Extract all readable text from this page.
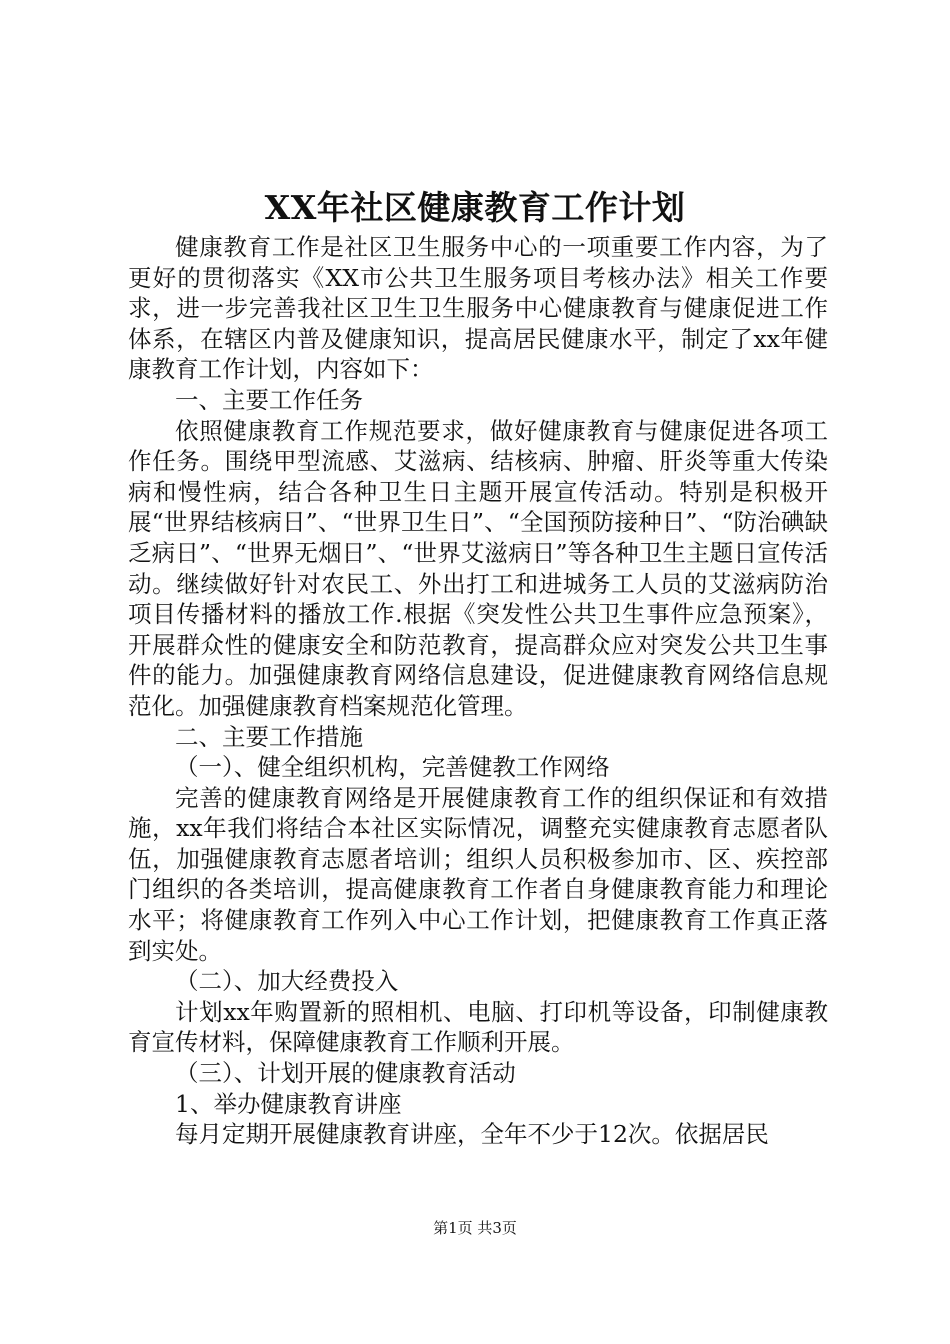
XX年社区健康教育工作计划

健康教育工作是社区卫生服务中心的一项重要工作内容，为了更好的贯彻落实《XX市公共卫生服务项目考核办法》相关工作要求，进一步完善我社区卫生卫生服务中心健康教育与健康促进工作体系，在辖区内普及健康知识，提高居民健康水平，制定了xx年健康教育工作计划，内容如下：

一、主要工作任务

依照健康教育工作规范要求，做好健康教育与健康促进各项工作任务。围绕甲型流感、艾滋病、结核病、肿瘤、肝炎等重大传染病和慢性病，结合各种卫生日主题开展宣传活动。特别是积极开展“世界结核病日”、“世界卫生日”、“全国预防接种日”、“防治碘缺乏病日”、“世界无烟日”、“世界艾滋病日”等各种卫生主题日宣传活动。继续做好针对农民工、外出打工和进城务工人员的艾滋病防治项目传播材料的播放工作.根据《突发性公共卫生事件应急预案》，开展群众性的健康安全和防范教育，提高群众应对突发公共卫生事件的能力。加强健康教育网络信息建设，促进健康教育网络信息规范化。加强健康教育档案规范化管理。

二、主要工作措施

（一）、健全组织机构，完善健教工作网络

完善的健康教育网络是开展健康教育工作的组织保证和有效措施，xx年我们将结合本社区实际情况，调整充实健康教育志愿者队伍，加强健康教育志愿者培训；组织人员积极参加市、区、疾控部门组织的各类培训，提高健康教育工作者自身健康教育能力和理论水平；将健康教育工作列入中心工作计划，把健康教育工作真正落到实处。

（二）、加大经费投入

计划xx年购置新的照相机、电脑、打印机等设备，印制健康教育宣传材料，保障健康教育工作顺利开展。

（三）、计划开展的健康教育活动

1、举办健康教育讲座

每月定期开展健康教育讲座，全年不少于12次。依据居民

第1页 共3页
